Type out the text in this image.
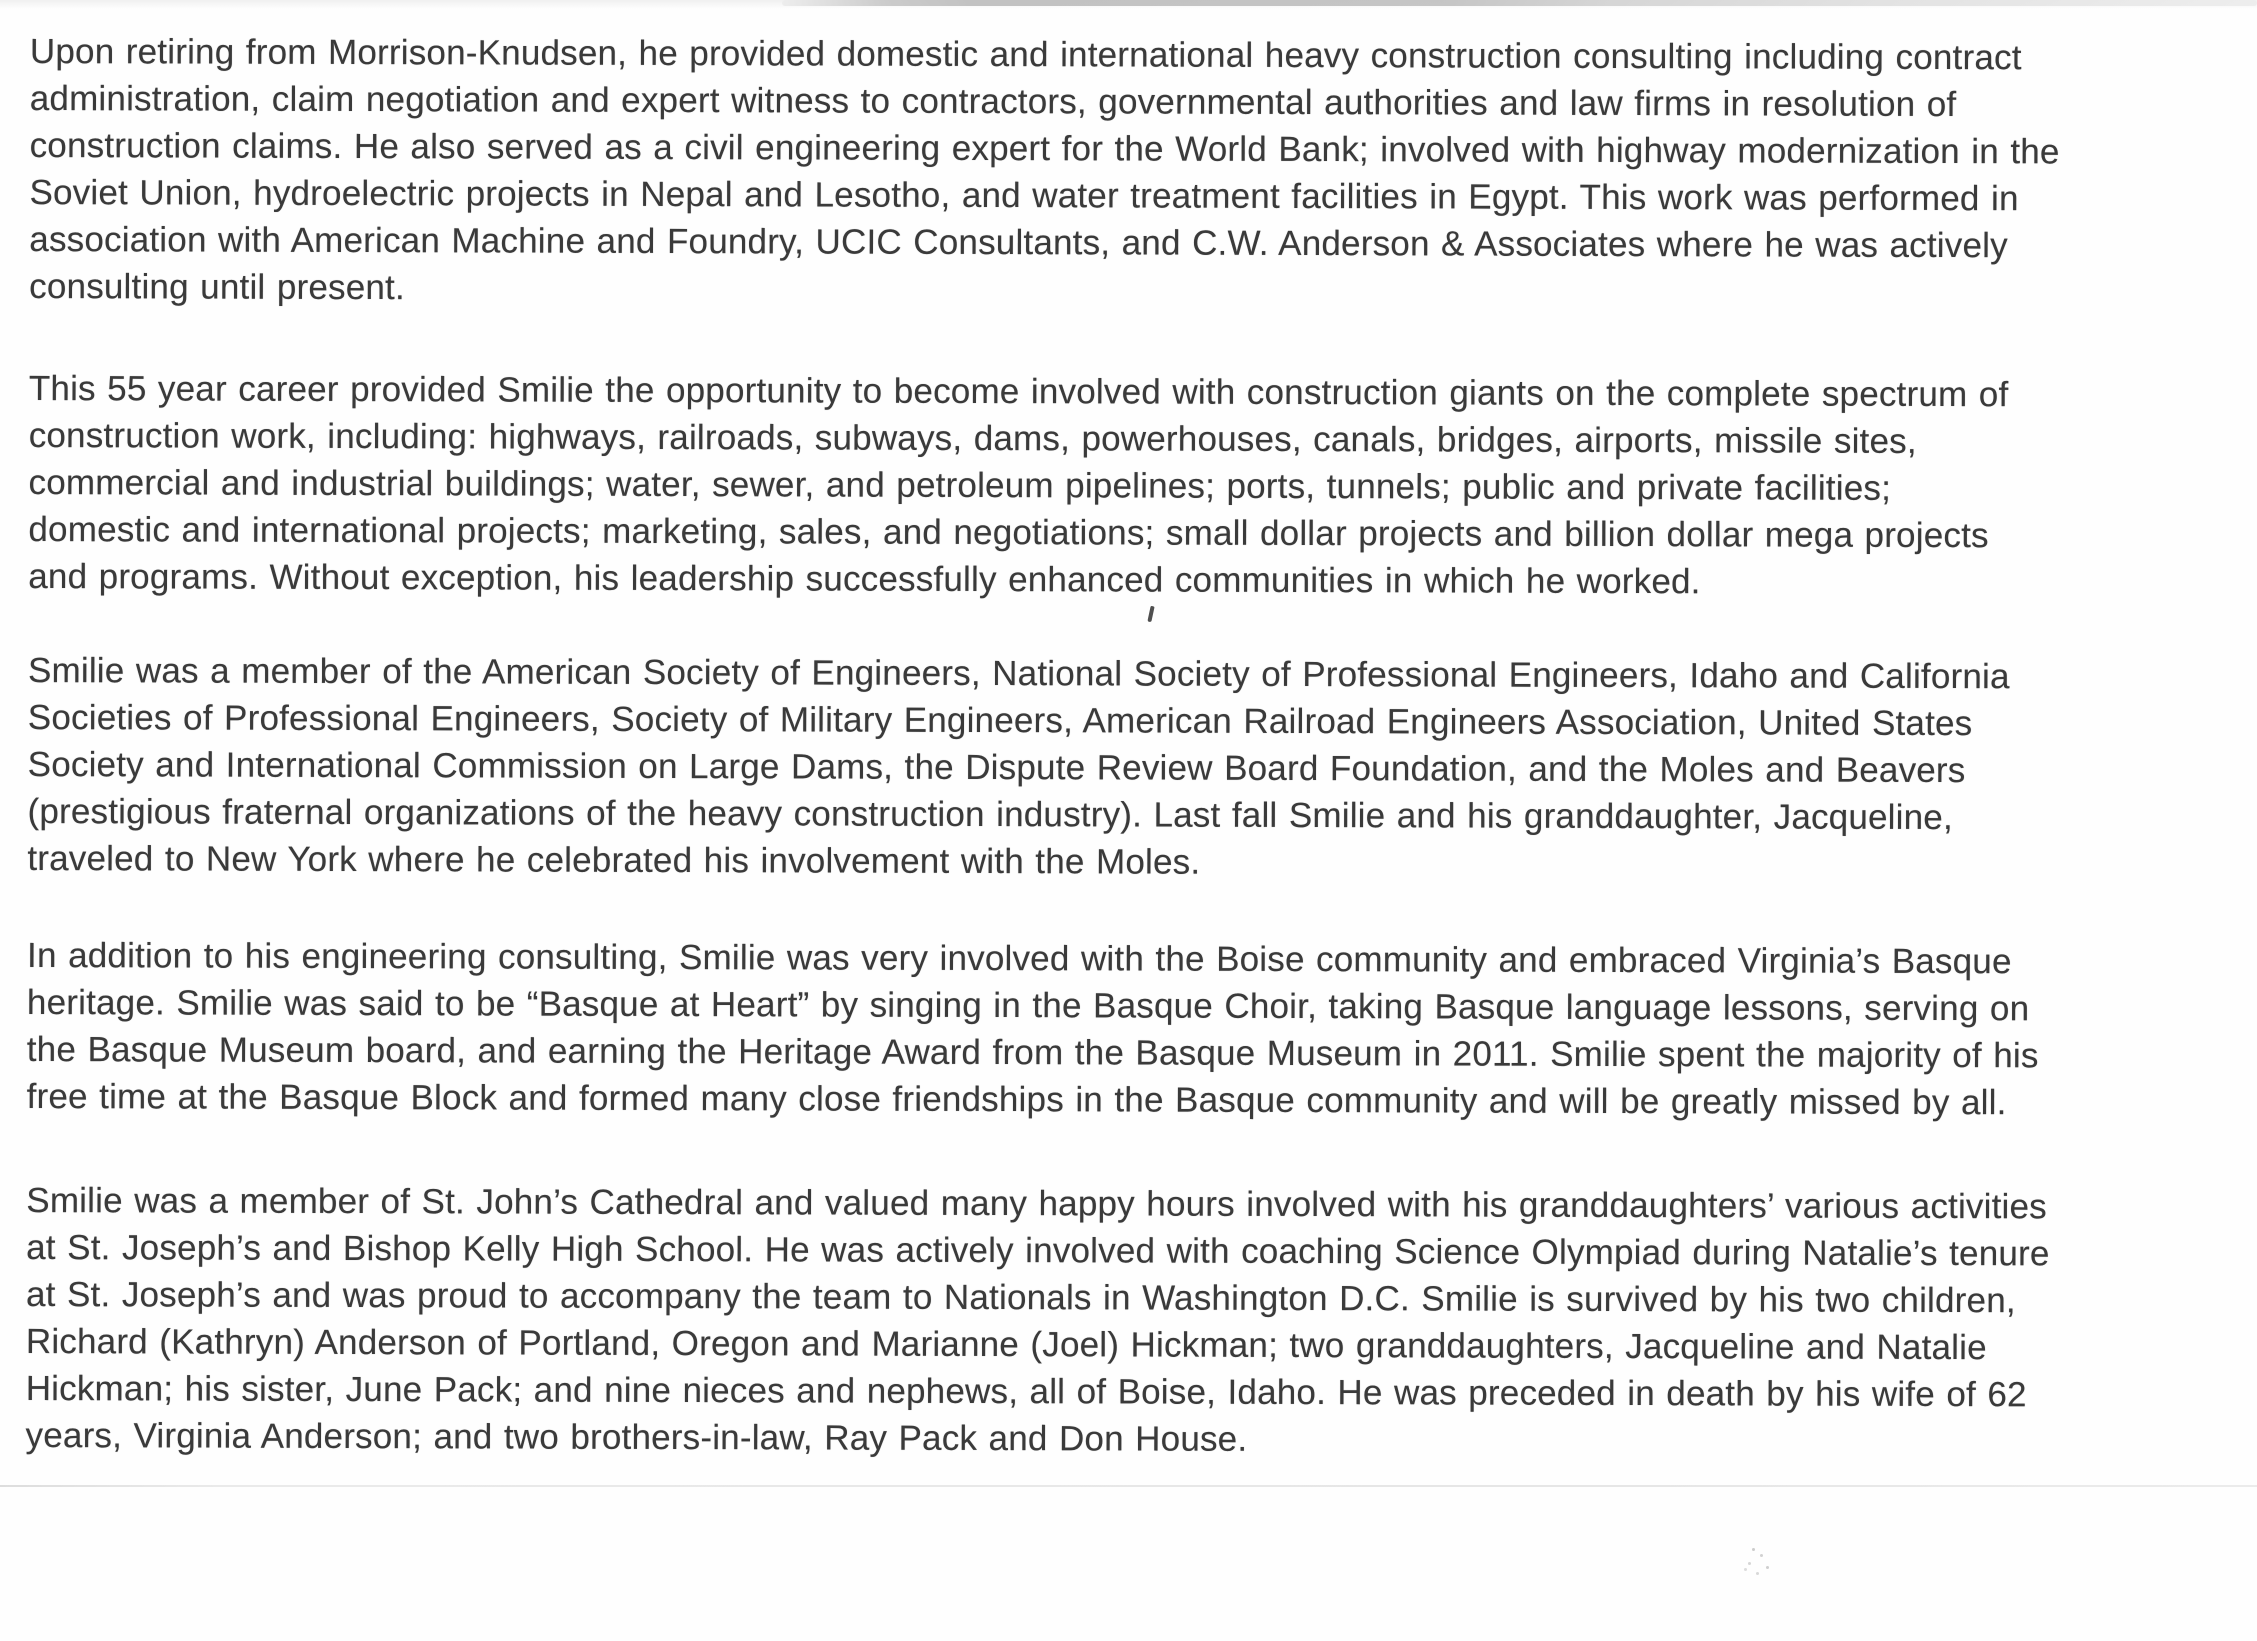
Upon retiring from Morrison-Knudsen, he provided domestic and international heavy construction consulting including contract
administration, claim negotiation and expert witness to contractors, governmental authorities and law firms in resolution of
construction claims. He also served as a civil engineering expert for the World Bank; involved with highway modernization in the
Soviet Union, hydroelectric projects in Nepal and Lesotho, and water treatment facilities in Egypt. This work was performed in
association with American Machine and Foundry, UCIC Consultants, and C.W. Anderson & Associates where he was actively
consulting until present.
This 55 year career provided Smilie the opportunity to become involved with construction giants on the complete spectrum of
construction work, including: highways, railroads, subways, dams, powerhouses, canals, bridges, airports, missile sites,
commercial and industrial buildings; water, sewer, and petroleum pipelines; ports, tunnels; public and private facilities;
domestic and international projects; marketing, sales, and negotiations; small dollar projects and billion dollar mega projects
and programs. Without exception, his leadership successfully enhanced communities in which he worked.
Smilie was a member of the American Society of Engineers, National Society of Professional Engineers, Idaho and California
Societies of Professional Engineers, Society of Military Engineers, American Railroad Engineers Association, United States
Society and International Commission on Large Dams, the Dispute Review Board Foundation, and the Moles and Beavers
(prestigious fraternal organizations of the heavy construction industry). Last fall Smilie and his granddaughter, Jacqueline,
traveled to New York where he celebrated his involvement with the Moles.
In addition to his engineering consulting, Smilie was very involved with the Boise community and embraced Virginia’s Basque
heritage. Smilie was said to be “Basque at Heart” by singing in the Basque Choir, taking Basque language lessons, serving on
the Basque Museum board, and earning the Heritage Award from the Basque Museum in 2011. Smilie spent the majority of his
free time at the Basque Block and formed many close friendships in the Basque community and will be greatly missed by all.
Smilie was a member of St. John’s Cathedral and valued many happy hours involved with his granddaughters’ various activities
at St. Joseph’s and Bishop Kelly High School. He was actively involved with coaching Science Olympiad during Natalie’s tenure
at St. Joseph’s and was proud to accompany the team to Nationals in Washington D.C. Smilie is survived by his two children,
Richard (Kathryn) Anderson of Portland, Oregon and Marianne (Joel) Hickman; two granddaughters, Jacqueline and Natalie
Hickman; his sister, June Pack; and nine nieces and nephews, all of Boise, Idaho. He was preceded in death by his wife of 62
years, Virginia Anderson; and two brothers-in-law, Ray Pack and Don House.
